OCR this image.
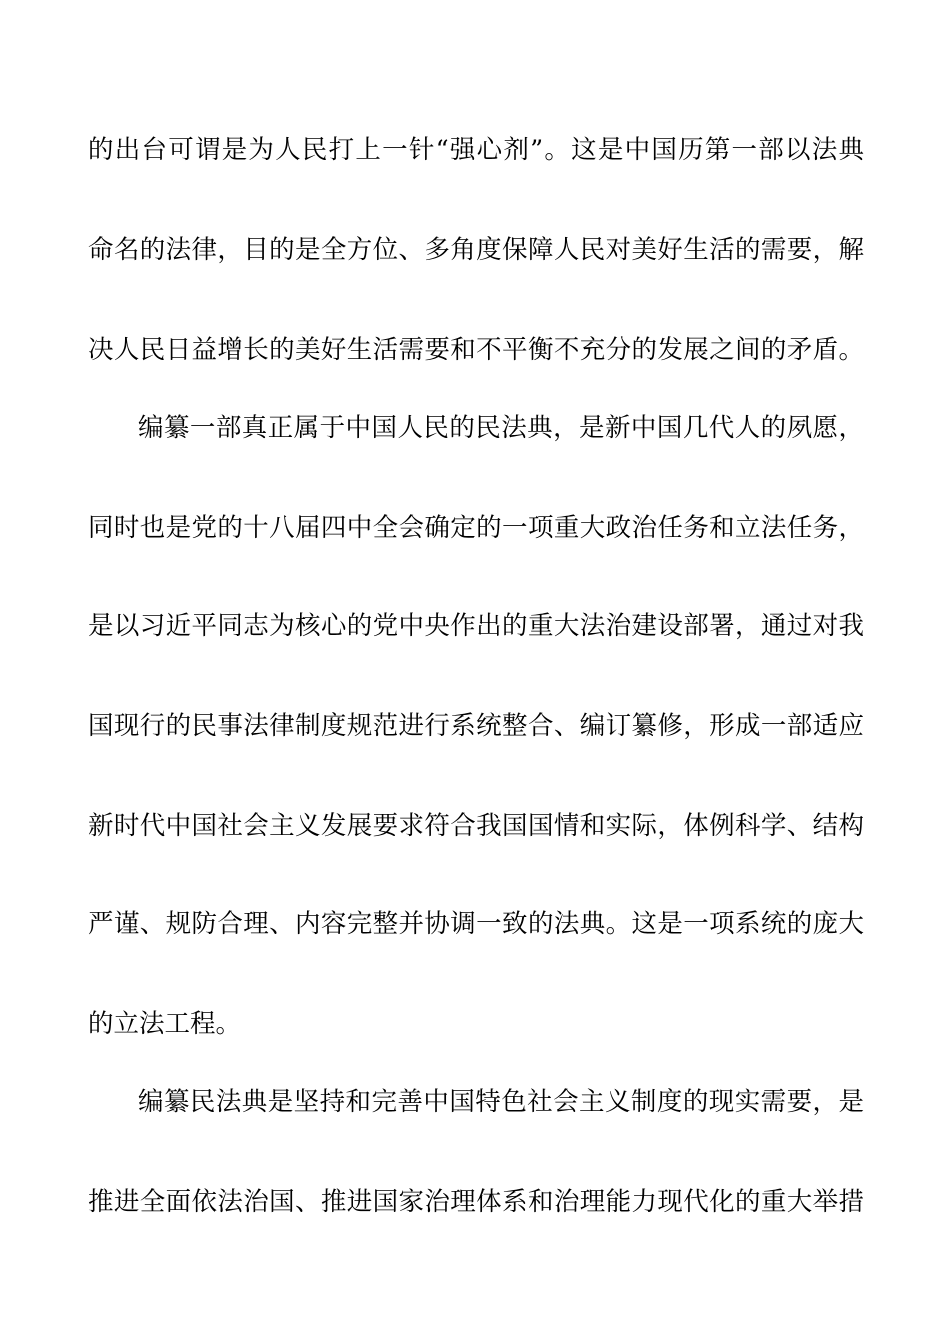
的出台可谓是为人民打上一针“强心剂”。这是中国历第一部以法典
命名的法律，目的是全方位、多角度保障人民对美好生活的需要，解
决人民日益增长的美好生活需要和不平衡不充分的发展之间的矛盾。
编纂一部真正属于中国人民的民法典，是新中国几代人的夙愿，
同时也是党的十八届四中全会确定的一项重大政治任务和立法任务，
是以习近平同志为核心的党中央作出的重大法治建设部署，通过对我
国现行的民事法律制度规范进行系统整合、编订纂修，形成一部适应
新时代中国社会主义发展要求符合我国国情和实际，体例科学、结构
严谨、规防合理、内容完整并协调一致的法典。这是一项系统的庞大
的立法工程。
编纂民法典是坚持和完善中国特色社会主义制度的现实需要，是
推进全面依法治国、推进国家治理体系和治理能力现代化的重大举措
